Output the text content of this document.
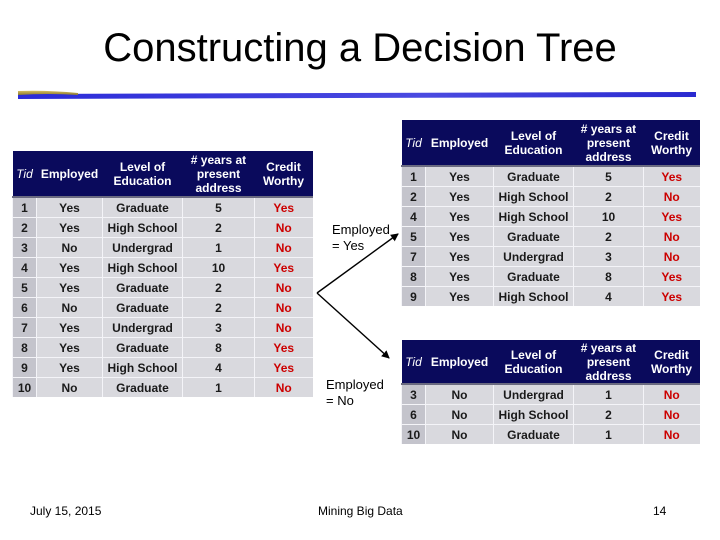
Constructing a Decision Tree
Tid	Employed	Level of Education	# years at present address	Credit Worthy
1	Yes	Graduate	5	Yes
2	Yes	High School	2	No
3	No	Undergrad	1	No
4	Yes	High School	10	Yes
5	Yes	Graduate	2	No
6	No	Graduate	2	No
7	Yes	Undergrad	3	No
8	Yes	Graduate	8	Yes
9	Yes	High School	4	Yes
10	No	Graduate	1	No
Tid	Employed	Level of Education	# years at present address	Credit Worthy
1	Yes	Graduate	5	Yes
2	Yes	High School	2	No
4	Yes	High School	10	Yes
5	Yes	Graduate	2	No
7	Yes	Undergrad	3	No
8	Yes	Graduate	8	Yes
9	Yes	High School	4	Yes
Tid	Employed	Level of Education	# years at present address	Credit Worthy
3	No	Undergrad	1	No
6	No	High School	2	No
10	No	Graduate	1	No
Employed
= Yes
Employed
= No
July 15, 2015	Mining Big Data	14
